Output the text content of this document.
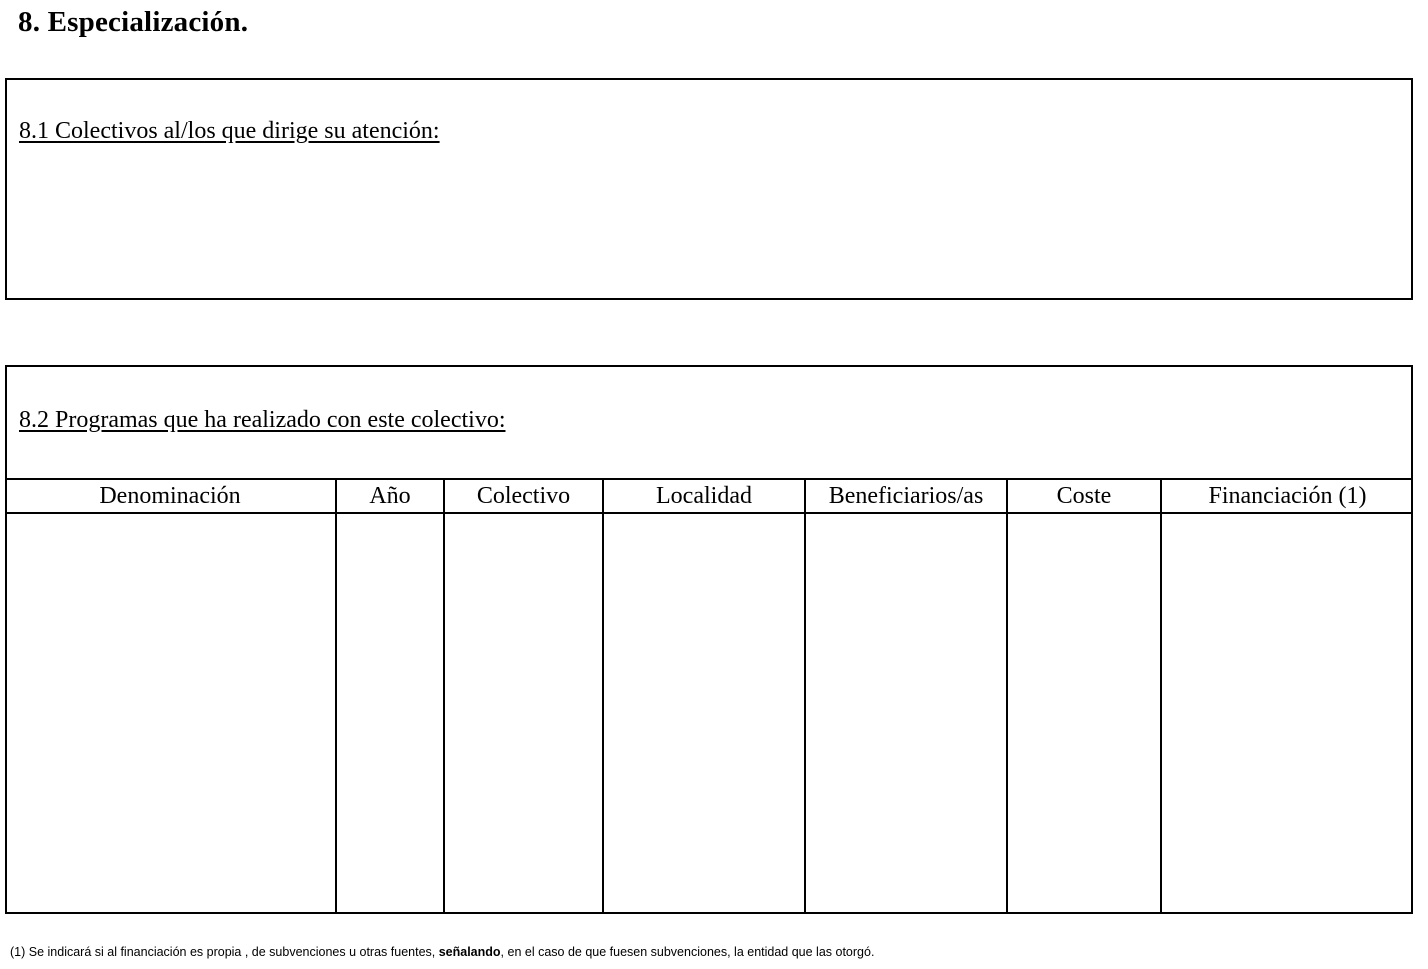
8. Especialización.
8.1 Colectivos al/los que dirige su atención:
8.2 Programas que ha realizado con este colectivo:
Denominación	Año	Colectivo	Localidad	Beneficiarios/as	Coste	Financiación (1)

(1) Se indicará si al financiación es propia , de subvenciones u otras fuentes, señalando, en el caso de que fuesen subvenciones, la entidad que las otorgó.
